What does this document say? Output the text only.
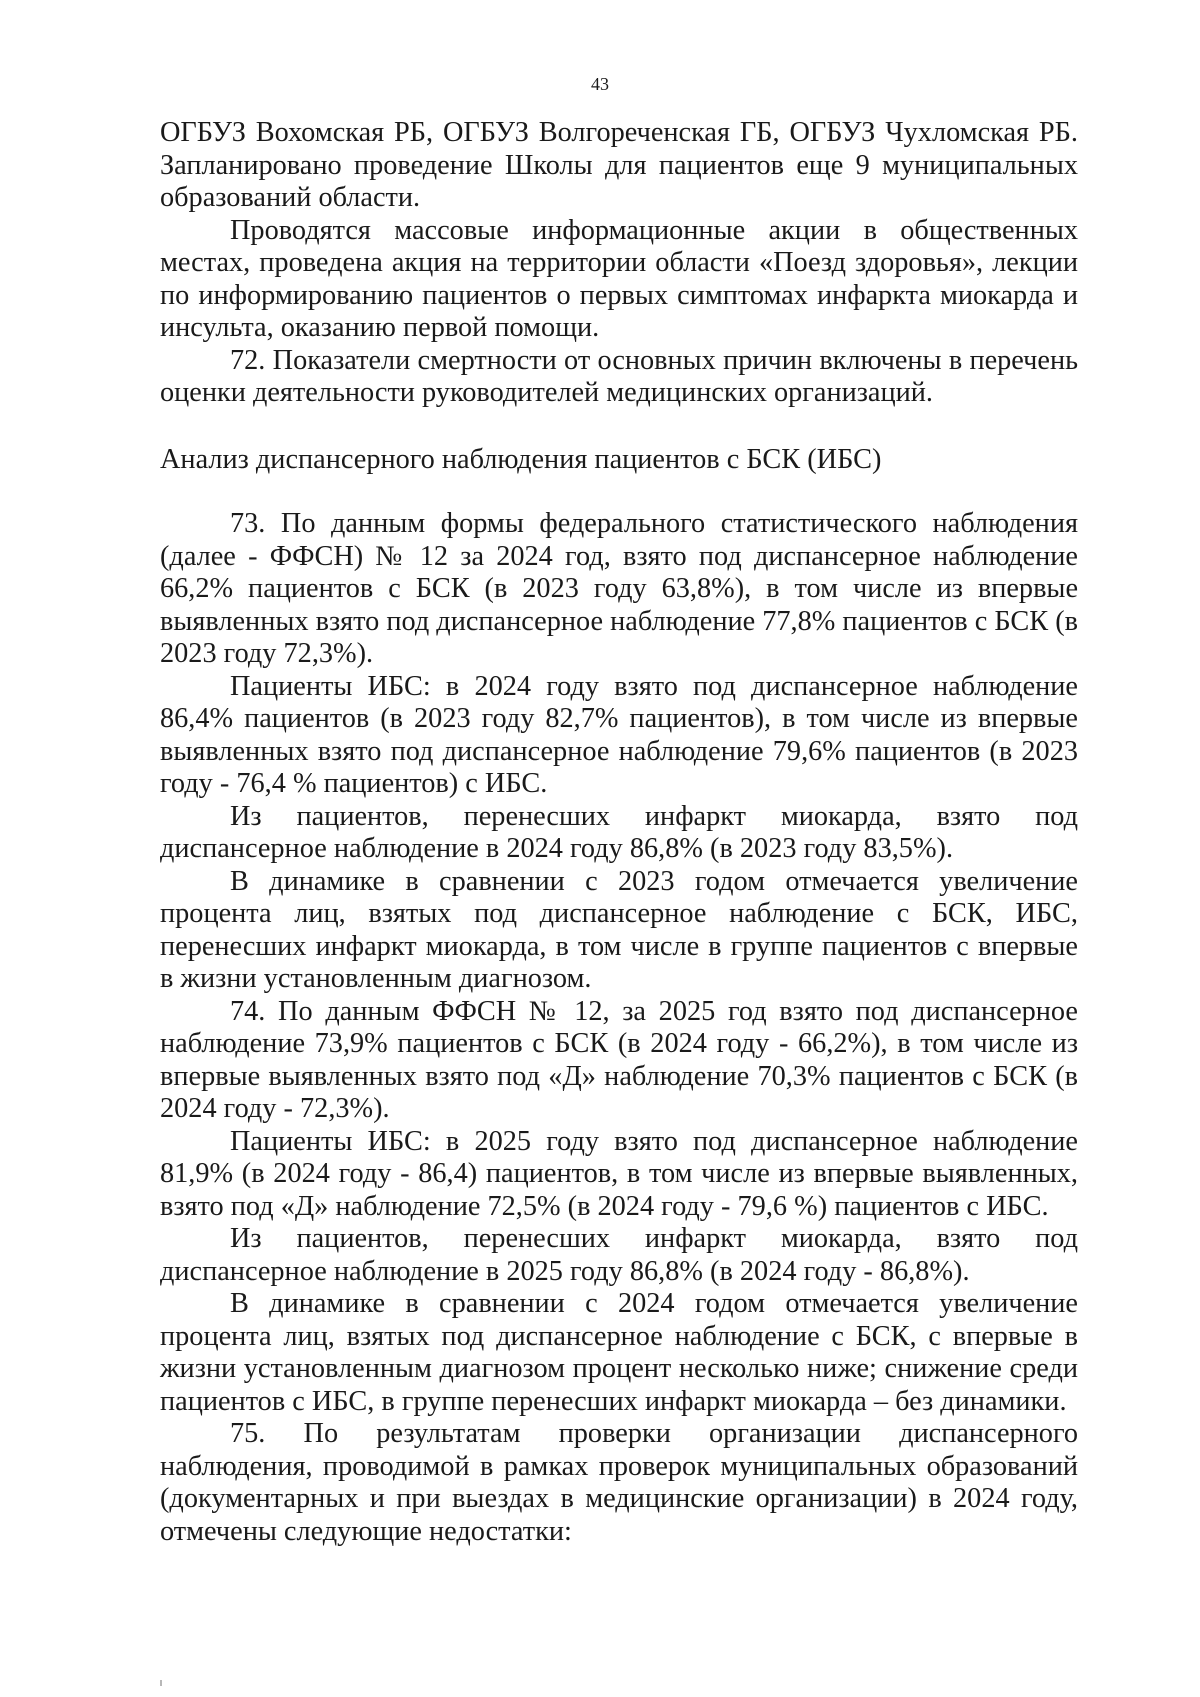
43

ОГБУЗ Вохомская РБ, ОГБУЗ Волгореченская ГБ, ОГБУЗ Чухломская РБ. Запланировано проведение Школы для пациентов еще 9 муниципальных образований области.

Проводятся массовые информационные акции в общественных местах, проведена акция на территории области «Поезд здоровья», лекции по информированию пациентов о первых симптомах инфаркта миокарда и инсульта, оказанию первой помощи.

72. Показатели смертности от основных причин включены в перечень оценки деятельности руководителей медицинских организаций.

Анализ диспансерного наблюдения пациентов с БСК (ИБС)

73. По данным формы федерального статистического наблюдения (далее - ФФСН) № 12 за 2024 год, взято под диспансерное наблюдение 66,2% пациентов с БСК (в 2023 году 63,8%), в том числе из впервые выявленных взято под диспансерное наблюдение 77,8% пациентов с БСК (в 2023 году 72,3%).

Пациенты ИБС: в 2024 году взято под диспансерное наблюдение 86,4% пациентов (в 2023 году 82,7% пациентов), в том числе из впервые выявленных взято под диспансерное наблюдение 79,6% пациентов (в 2023 году - 76,4 % пациентов) с ИБС.

Из пациентов, перенесших инфаркт миокарда, взято под диспансерное наблюдение в 2024 году 86,8% (в 2023 году 83,5%).

В динамике в сравнении с 2023 годом отмечается увеличение процента лиц, взятых под диспансерное наблюдение с БСК, ИБС, перенесших инфаркт миокарда, в том числе в группе пациентов с впервые в жизни установленным диагнозом.

74. По данным ФФСН № 12, за 2025 год взято под диспансерное наблюдение 73,9% пациентов с БСК (в 2024 году - 66,2%), в том числе из впервые выявленных взято под «Д» наблюдение 70,3% пациентов с БСК (в 2024 году - 72,3%).

Пациенты ИБС: в 2025 году взято под диспансерное наблюдение 81,9% (в 2024 году - 86,4) пациентов, в том числе из впервые выявленных, взято под «Д» наблюдение 72,5% (в 2024 году - 79,6 %) пациентов с ИБС.

Из пациентов, перенесших инфаркт миокарда, взято под диспансерное наблюдение в 2025 году 86,8% (в 2024 году - 86,8%).

В динамике в сравнении с 2024 годом отмечается увеличение процента лиц, взятых под диспансерное наблюдение с БСК, с впервые в жизни установленным диагнозом процент несколько ниже; снижение среди пациентов с ИБС, в группе перенесших инфаркт миокарда – без динамики.

75. По результатам проверки организации диспансерного наблюдения, проводимой в рамках проверок муниципальных образований (документарных и при выездах в медицинские организации) в 2024 году, отмечены следующие недостатки:
